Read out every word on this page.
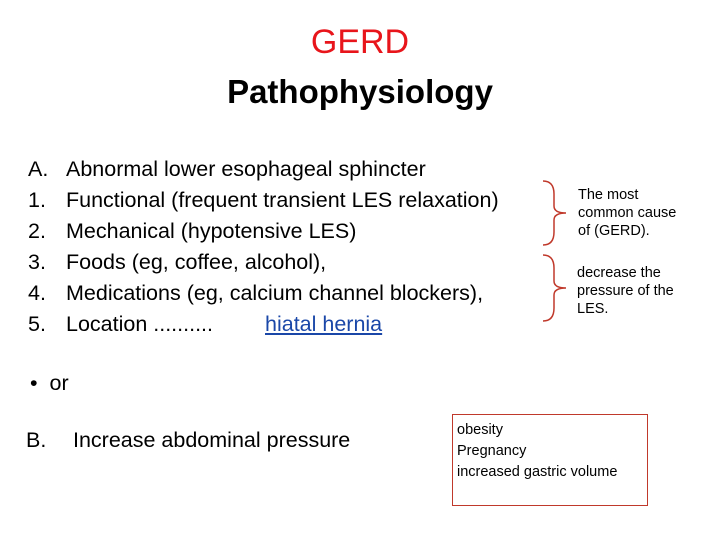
GERD
Pathophysiology
A. Abnormal lower esophageal sphincter
1. Functional (frequent transient LES relaxation)
2. Mechanical (hypotensive LES)
3. Foods (eg, coffee, alcohol),
4. Medications (eg, calcium channel blockers),
5. Location .......... hiatal hernia
The most
common cause
of (GERD).
decrease the
pressure of the
LES.
• or
B. Increase abdominal pressure	obesity
Pregnancy
increased gastric volume
